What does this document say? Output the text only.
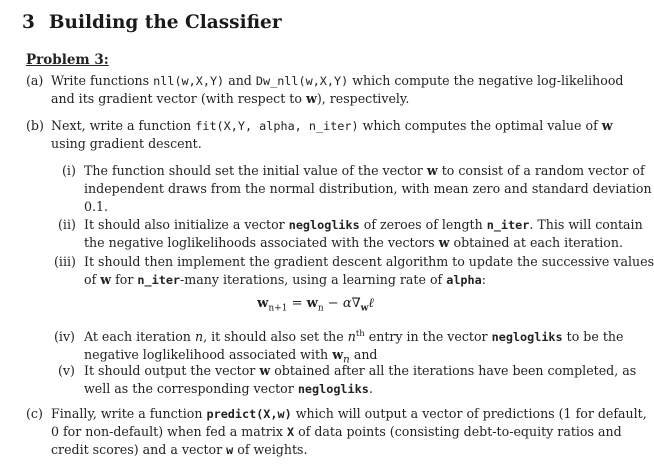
3 Building the Classifier
Problem 3:
(a) Write functions nll(w,X,Y) and Dw_nll(w,X,Y) which compute the negative log-likelihood
and its gradient vector (with respect to w), respectively.
(b) Next, write a function fit(X,Y, alpha, n_iter) which computes the optimal value of w
using gradient descent.
(i) The function should set the initial value of the vector w to consist of a random vector of
independent draws from the normal distribution, with mean zero and standard deviation
0.1.
(ii) It should also initialize a vector neglogliks of zeroes of length n_iter. This will contain
the negative loglikelihoods associated with the vectors w obtained at each iteration.
(iii) It should then implement the gradient descent algorithm to update the successive values
of w for n_iter-many iterations, using a learning rate of alpha:
$w_{n+1} = w_n$ − $\alpha\nabla_w\ell$
(iv) At each iteration n, it should also set the $n^{th}$ entry in the vector neglogliks to be the
negative loglikelihood associated with $w_n$ and
(v) It should output the vector w obtained after all the iterations have been completed, as
well as the corresponding vector neglogliks.
(c) Finally, write a function predict(X,w) which will output a vector of predictions (1 for default,
0 for non-default) when fed a matrix X of data points (consisting debt-to-equity ratios and
credit scores) and a vector w of weights.
